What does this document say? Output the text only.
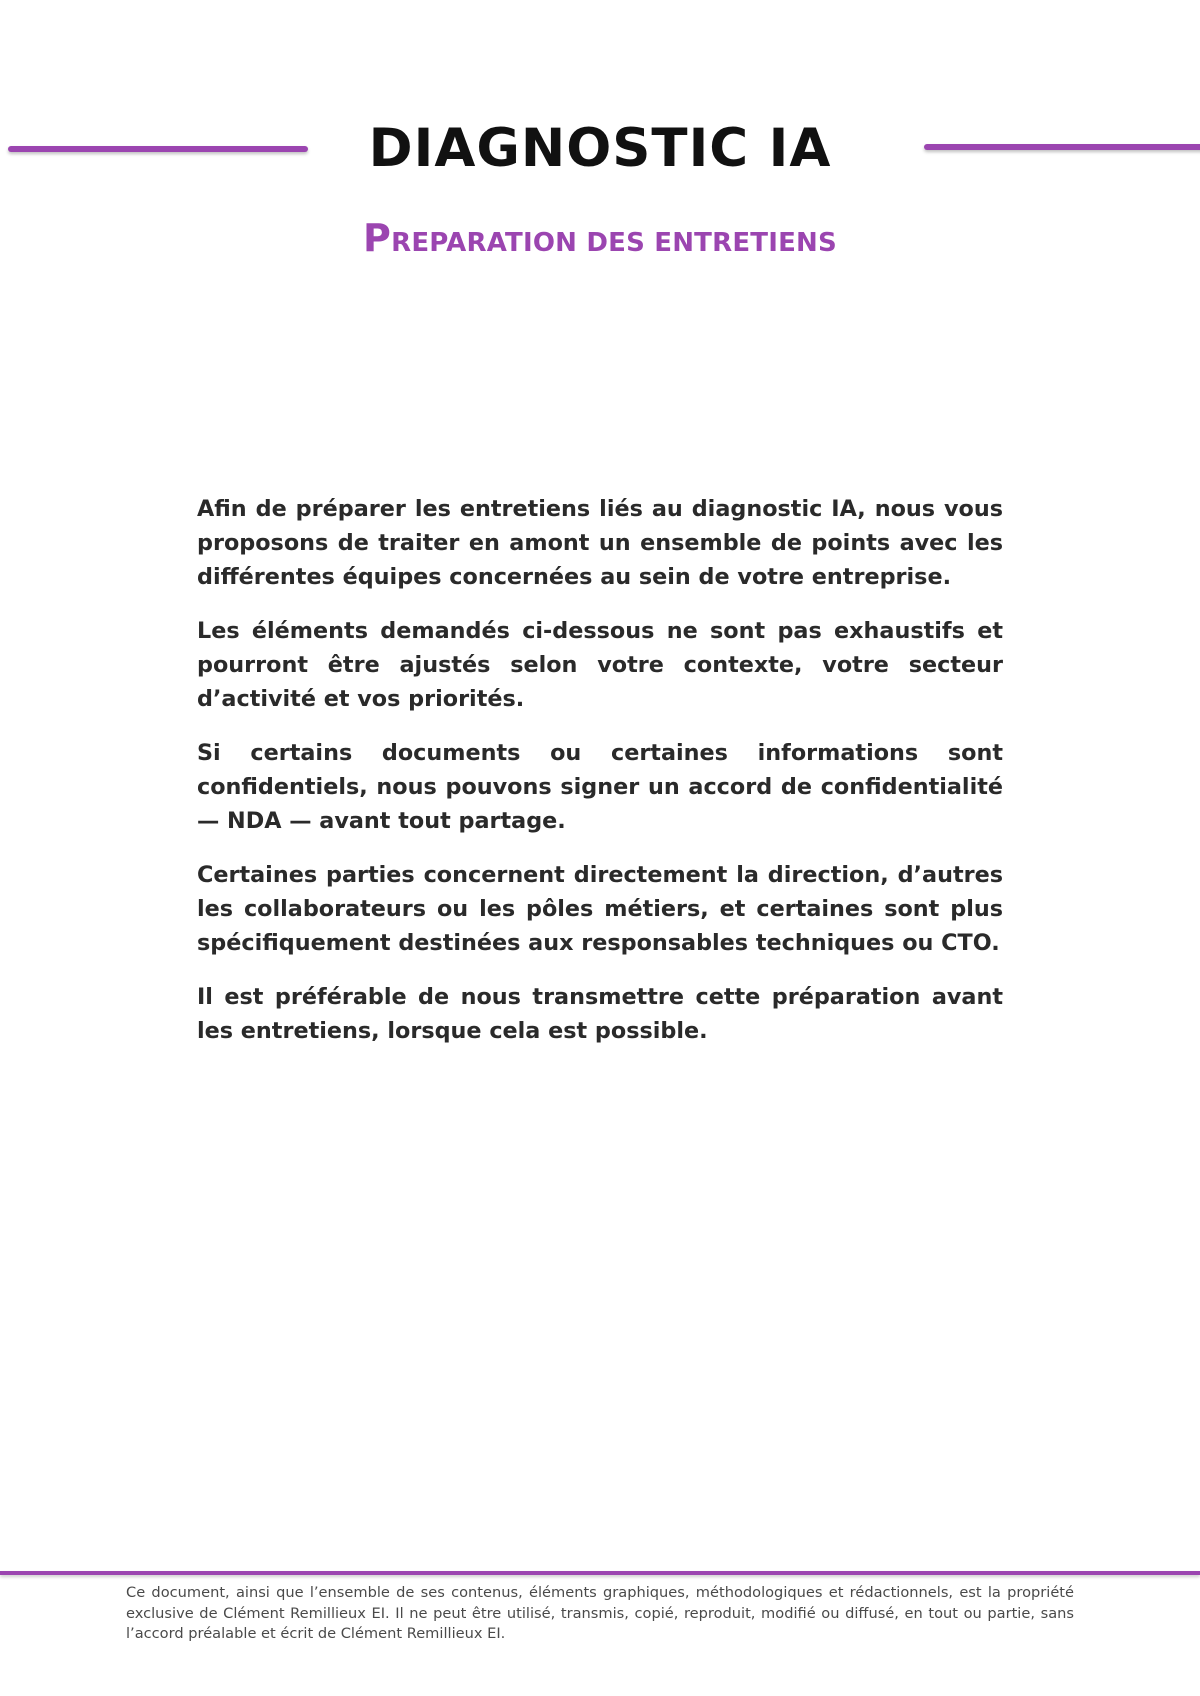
DIAGNOSTIC IA
PREPARATION DES ENTRETIENS

Afin de préparer les entretiens liés au diagnostic IA, nous vous proposons de traiter en amont un ensemble de points avec les différentes équipes concernées au sein de votre entreprise.

Les éléments demandés ci-dessous ne sont pas exhaustifs et pourront être ajustés selon votre contexte, votre secteur d’activité et vos priorités.

Si certains documents ou certaines informations sont confidentiels, nous pouvons signer un accord de confidentialité — NDA — avant tout partage.

Certaines parties concernent directement la direction, d’autres les collaborateurs ou les pôles métiers, et certaines sont plus spécifiquement destinées aux responsables techniques ou CTO.

Il est préférable de nous transmettre cette préparation avant les entretiens, lorsque cela est possible.

Ce document, ainsi que l’ensemble de ses contenus, éléments graphiques, méthodologiques et rédactionnels, est la propriété exclusive de Clément Remillieux EI. Il ne peut être utilisé, transmis, copié, reproduit, modifié ou diffusé, en tout ou partie, sans l’accord préalable et écrit de Clément Remillieux EI.
